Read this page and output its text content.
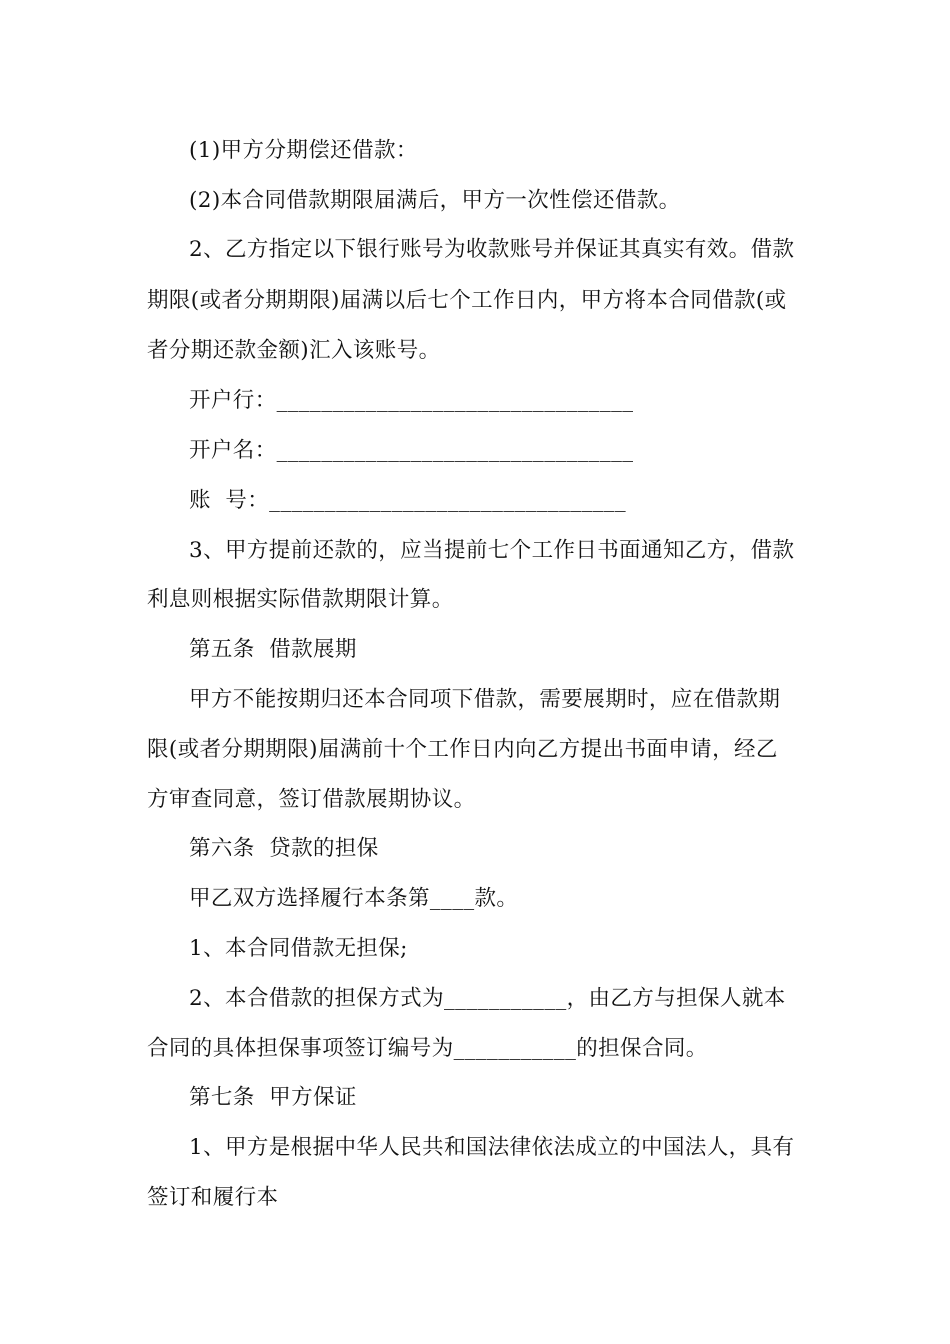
(1)甲方分期偿还借款：
(2)本合同借款期限届满后，甲方一次性偿还借款。
2、乙方指定以下银行账号为收款账号并保证其真实有效。借款
期限(或者分期期限)届满以后七个工作日内，甲方将本合同借款(或
者分期还款金额)汇入该账号。
开户行：________________________________
开户名：________________________________
账  号：________________________________
3、甲方提前还款的，应当提前七个工作日书面通知乙方，借款
利息则根据实际借款期限计算。
第五条  借款展期
甲方不能按期归还本合同项下借款，需要展期时，应在借款期
限(或者分期期限)届满前十个工作日内向乙方提出书面申请，经乙
方审查同意，签订借款展期协议。
第六条  贷款的担保
甲乙双方选择履行本条第____款。
1、本合同借款无担保;
2、本合借款的担保方式为___________，由乙方与担保人就本
合同的具体担保事项签订编号为___________的担保合同。
第七条  甲方保证
1、甲方是根据中华人民共和国法律依法成立的中国法人，具有
签订和履行本
